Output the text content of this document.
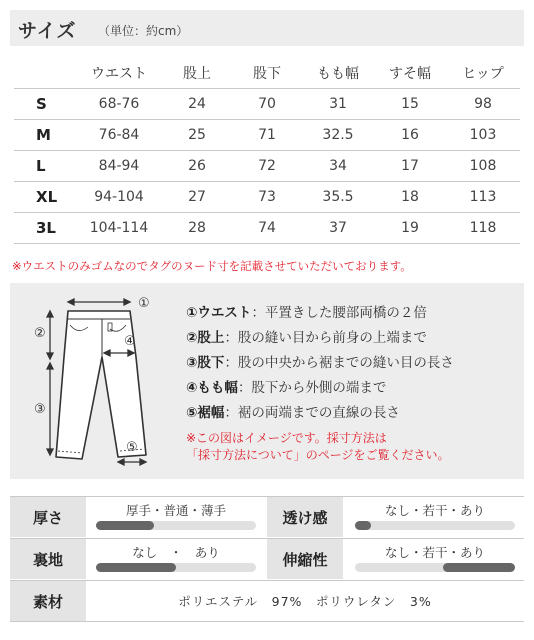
サイズ （単位：約cm）
	ウエスト	股上	股下	もも幅	すそ幅	ヒップ
S	68-76	24	70	31	15	98
M	76-84	25	71	32.5	16	103
L	84-94	26	72	34	17	108
XL	94-104	27	73	35.5	18	113
3L	104-114	28	74	37	19	118
※ウエストのみゴムなのでタグのヌード寸を記載させていただいております。
①
②
③
④
⑤
①ウエスト：平置きした腰部両橋の２倍
②股上：股の縫い目から前身の上端まで
③股下：股の中央から裾までの縫い目の長さ
④もも幅：股下から外側の端まで
⑤裾幅：裾の両端までの直線の長さ
※この図はイメージです。採寸方法は
「採寸方法について」のページをご覧ください。
厚さ	厚手・普通・薄手	透け感	なし・若干・あり
裏地	なし　・　あり	伸縮性	なし・若干・あり
素材	ポリエステル　97%　ポリウレタン　3%
